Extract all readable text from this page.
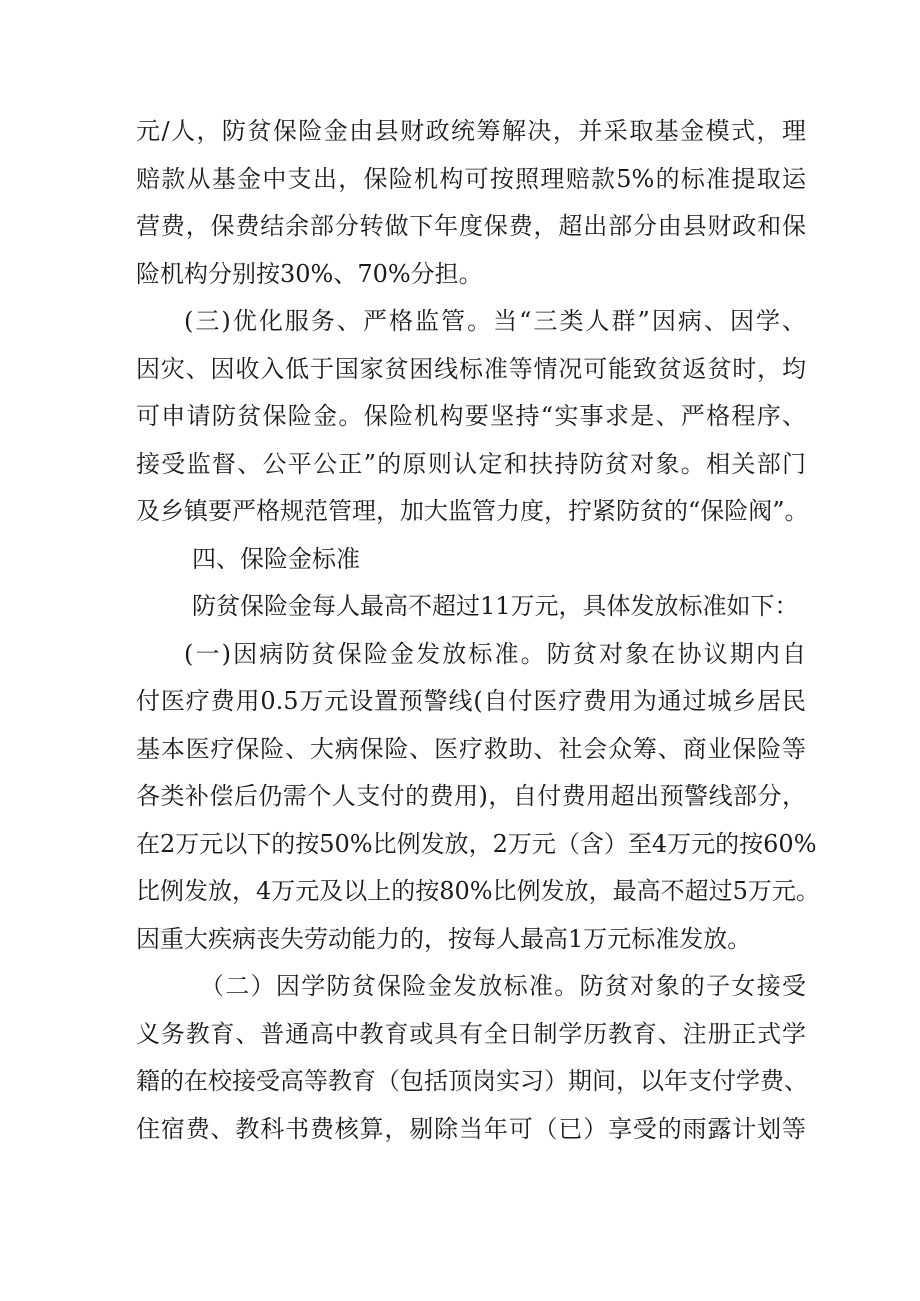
元/人，防贫保险金由县财政统筹解决，并采取基金模式，理
赔款从基金中支出，保险机构可按照理赔款5%的标准提取运
营费，保费结余部分转做下年度保费，超出部分由县财政和保
险机构分别按30%、70%分担。
(三)优化服务、严格监管。当“三类人群”因病、因学、
因灾、因收入低于国家贫困线标准等情况可能致贫返贫时，均
可申请防贫保险金。保险机构要坚持“实事求是、严格程序、
接受监督、公平公正”的原则认定和扶持防贫对象。相关部门
及乡镇要严格规范管理，加大监管力度，拧紧防贫的“保险阀”。
四、保险金标准
防贫保险金每人最高不超过11万元，具体发放标准如下：
(一)因病防贫保险金发放标准。防贫对象在协议期内自
付医疗费用0.5万元设置预警线(自付医疗费用为通过城乡居民
基本医疗保险、大病保险、医疗救助、社会众筹、商业保险等
各类补偿后仍需个人支付的费用)，自付费用超出预警线部分，
在2万元以下的按50%比例发放，2万元（含）至4万元的按60%
比例发放，4万元及以上的按80%比例发放，最高不超过5万元。
因重大疾病丧失劳动能力的，按每人最高1万元标准发放。
（二）因学防贫保险金发放标准。防贫对象的子女接受
义务教育、普通高中教育或具有全日制学历教育、注册正式学
籍的在校接受高等教育（包括顶岗实习）期间，以年支付学费、
住宿费、教科书费核算，剔除当年可（已）享受的雨露计划等
